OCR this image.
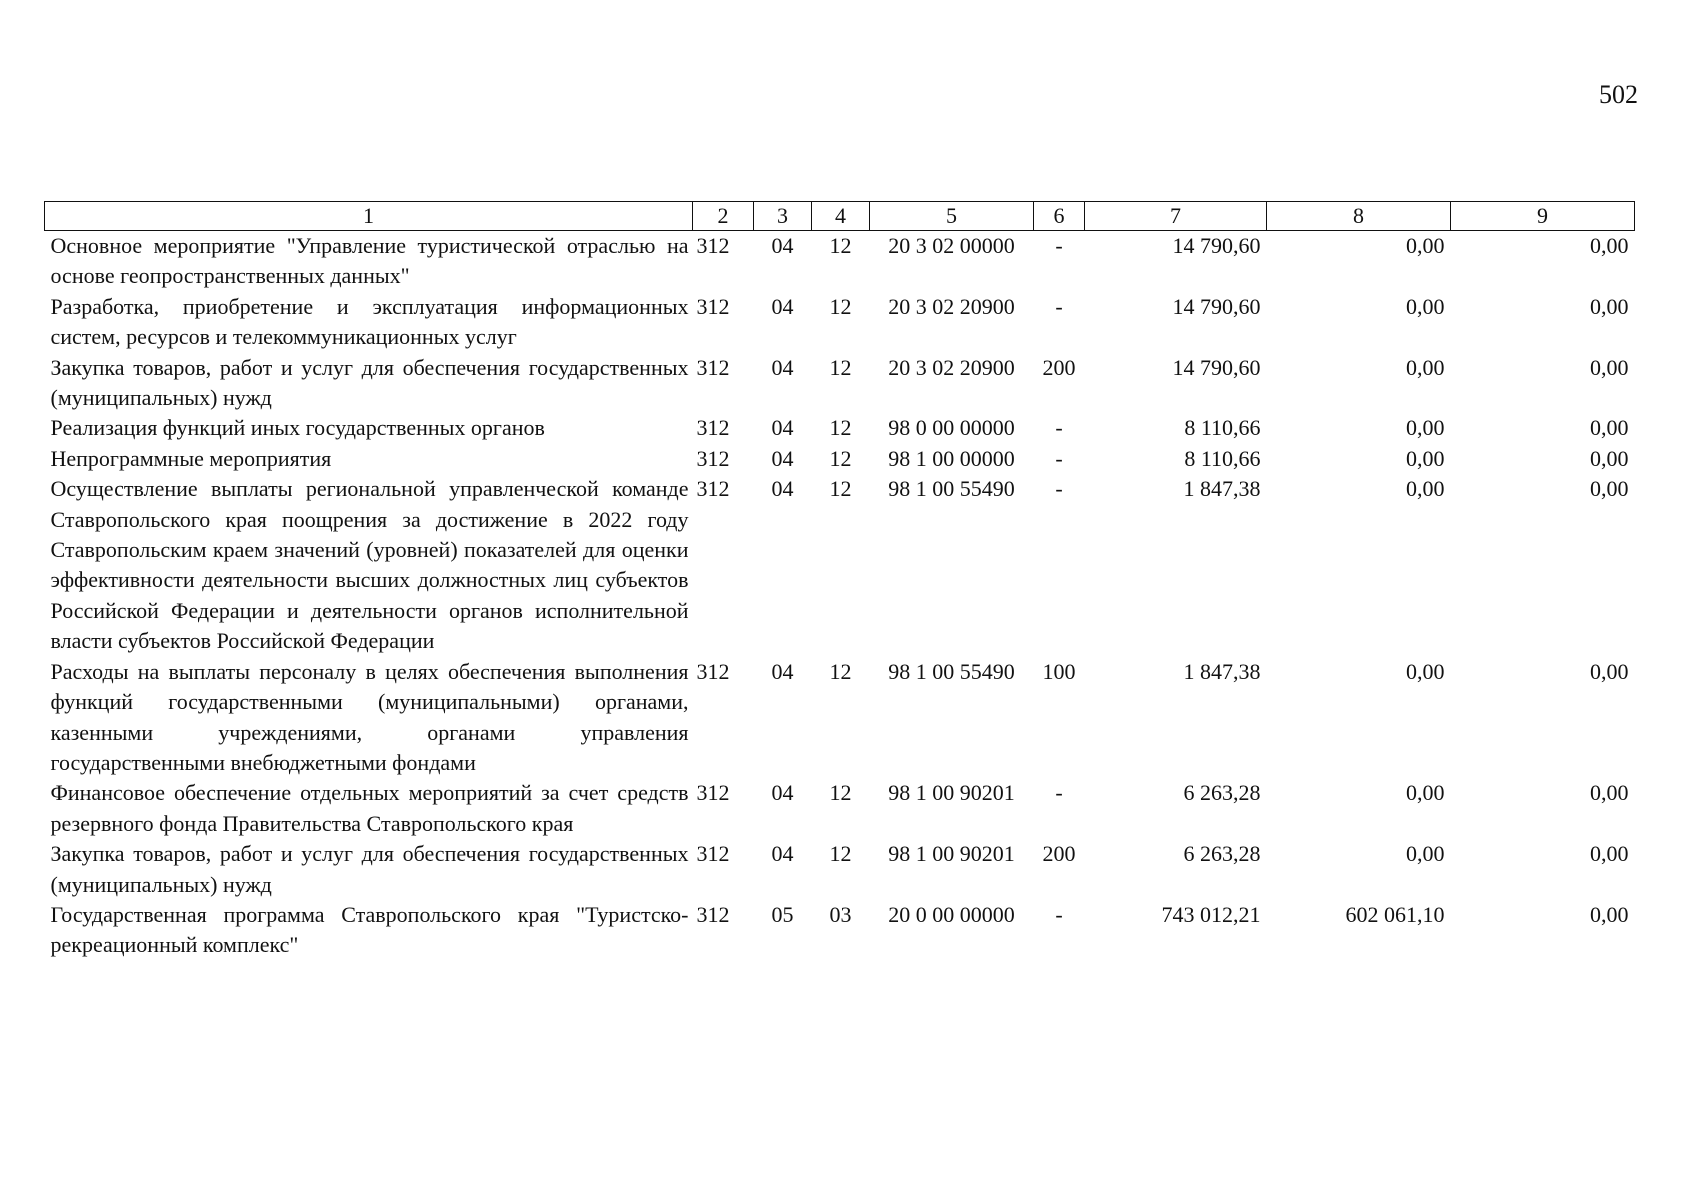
502
1	2	3	4	5	6	7	8	9
Основное мероприятие "Управление туристической отраслью на основе геопространственных данных"	312	04	12	20 3 02 00000	-	14 790,60	0,00	0,00
Разработка, приобретение и эксплуатация информационных систем, ресурсов и телекоммуникационных услуг	312	04	12	20 3 02 20900	-	14 790,60	0,00	0,00
Закупка товаров, работ и услуг для обеспечения государственных (муниципальных) нужд	312	04	12	20 3 02 20900	200	14 790,60	0,00	0,00
Реализация функций иных государственных органов	312	04	12	98 0 00 00000	-	8 110,66	0,00	0,00
Непрограммные мероприятия	312	04	12	98 1 00 00000	-	8 110,66	0,00	0,00
Осуществление выплаты региональной управленческой команде Ставропольского края поощрения за достижение в 2022 году Ставропольским краем значений (уровней) показателей для оценки эффективности деятельности высших должностных лиц субъектов Российской Федерации и деятельности органов исполнительной власти субъектов Российской Федерации	312	04	12	98 1 00 55490	-	1 847,38	0,00	0,00
Расходы на выплаты персоналу в целях обеспечения выполнения функций государственными (муниципальными) органами, казенными учреждениями, органами управления государственными внебюджетными фондами	312	04	12	98 1 00 55490	100	1 847,38	0,00	0,00
Финансовое обеспечение отдельных мероприятий за счет средств резервного фонда Правительства Ставропольского края	312	04	12	98 1 00 90201	-	6 263,28	0,00	0,00
Закупка товаров, работ и услуг для обеспечения государственных (муниципальных) нужд	312	04	12	98 1 00 90201	200	6 263,28	0,00	0,00
Государственная программа Ставропольского края "Туристско-рекреационный комплекс"	312	05	03	20 0 00 00000	-	743 012,21	602 061,10	0,00
